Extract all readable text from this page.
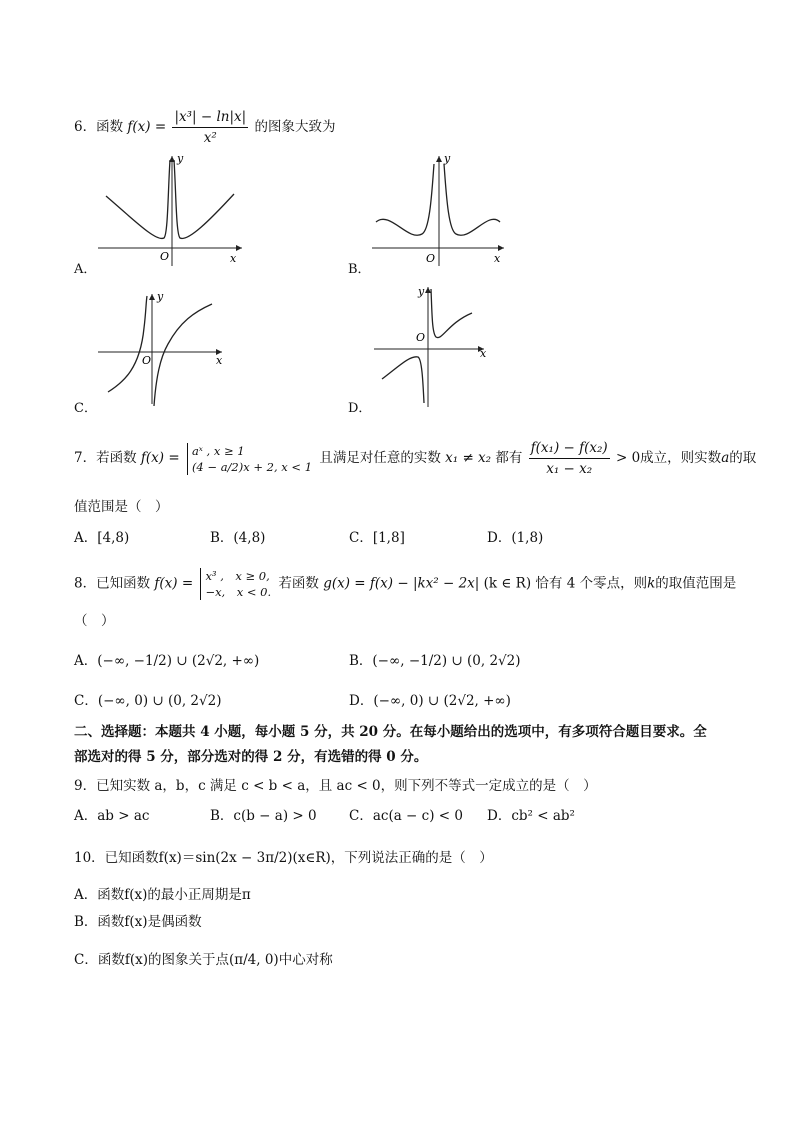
6．函数 $f(x) = \frac{\text{|x³| − ln|x|}}{\text{x²}}$ 的图象大致为
A．
y
x
O
B．
y
x
O
C．
y
x
O
D．
y
x
O
7．若函数 f(x) = aˣ , x ≥ 1
(4 − a/2)x + 2, x < 1
且满足对任意的实数 x₁ ≠ x₂ 都有 $\frac{\text{f(x₁) − f(x₂)}}{\text{x₁ − x₂}} > 0$成立，则实数a的取
值范围是（　）
A．[4,8)	B．(4,8)	C．[1,8]	D．(1,8)
8．已知函数 f(x) = x³ ,　x ≥ 0,
−x,　x < 0.
若函数 g(x) = f(x) − |kx² − 2x| (k ∈ R) 恰有 4 个零点，则k的取值范围是
（　）
A．(−∞, −1/2) ∪ (2√2, +∞)	B．(−∞, −1/2) ∪ (0, 2√2)
C．(−∞, 0) ∪ (0, 2√2)	D．(−∞, 0) ∪ (2√2, +∞)
二、选择题：本题共 4 小题，每小题 5 分，共 20 分。在每小题给出的选项中，有多项符合题目要求。全
部选对的得 5 分，部分选对的得 2 分，有选错的得 0 分。
9．已知实数 a，b，c 满足 c < b < a，且 ac < 0，则下列不等式一定成立的是（　）
A．ab > ac	B．c(b − a) > 0 C．ac(a − c) < 0 D．cb² < ab²
10．已知函数f(x)＝sin(2x − 3π/2)(x∈R)，下列说法正确的是（　）
A．函数f(x)的最小正周期是π
B．函数f(x)是偶函数
C．函数f(x)的图象关于点(π/4, 0)中心对称
